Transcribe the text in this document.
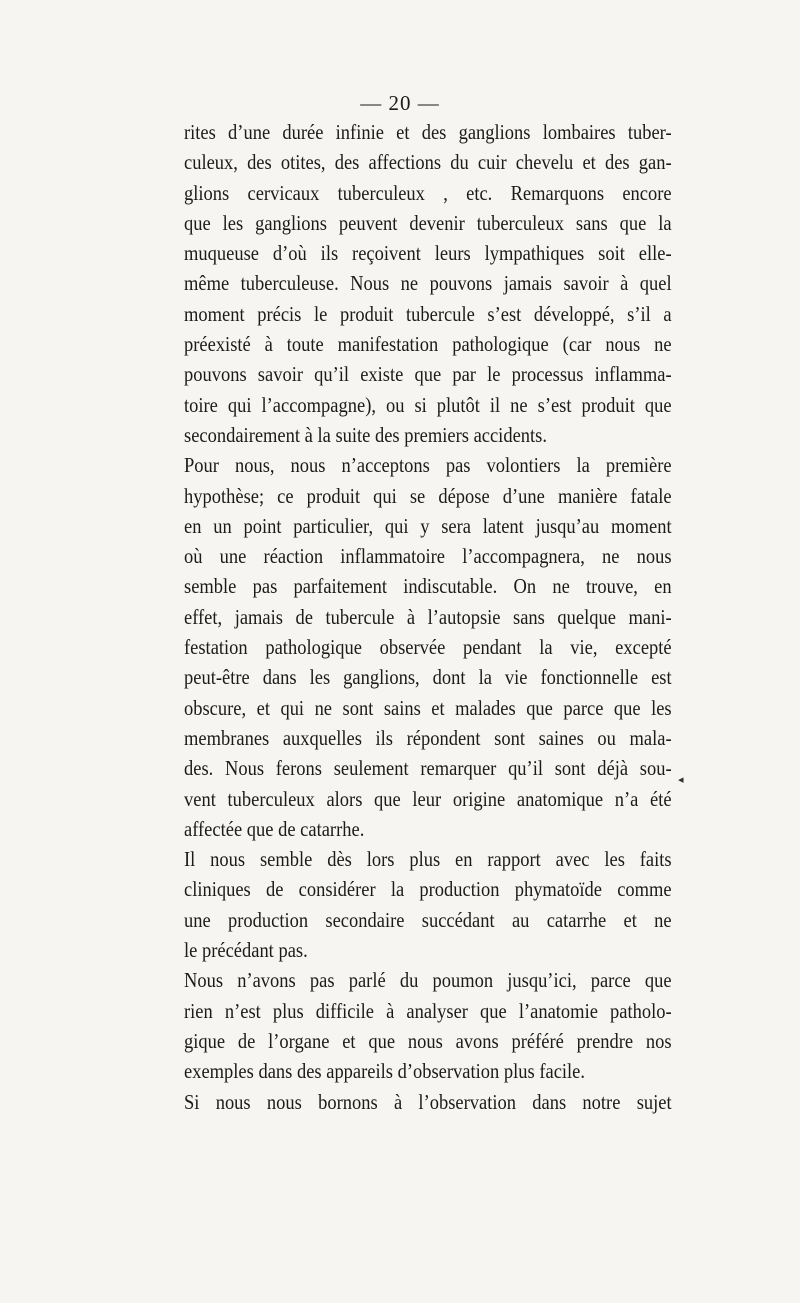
— 20 —
rites d’une durée infinie et des ganglions lombaires tuber-
culeux, des otites, des affections du cuir chevelu et des gan-
glions cervicaux tuberculeux , etc. Remarquons encore
que les ganglions peuvent devenir tuberculeux sans que la
muqueuse d’où ils reçoivent leurs lympathiques soit elle-
même tuberculeuse. Nous ne pouvons jamais savoir à quel
moment précis le produit tubercule s’est développé, s’il a
préexisté à toute manifestation pathologique (car nous ne
pouvons savoir qu’il existe que par le processus inflamma-
toire qui l’accompagne), ou si plutôt il ne s’est produit que
secondairement à la suite des premiers accidents.
Pour nous, nous n’acceptons pas volontiers la première
hypothèse; ce produit qui se dépose d’une manière fatale
en un point particulier, qui y sera latent jusqu’au moment
où une réaction inflammatoire l’accompagnera, ne nous
semble pas parfaitement indiscutable. On ne trouve, en
effet, jamais de tubercule à l’autopsie sans quelque mani-
festation pathologique observée pendant la vie, excepté
peut-être dans les ganglions, dont la vie fonctionnelle est
obscure, et qui ne sont sains et malades que parce que les
membranes auxquelles ils répondent sont saines ou mala-
des. Nous ferons seulement remarquer qu’il sont déjà sou-
vent tuberculeux alors que leur origine anatomique n’a été
affectée que de catarrhe.
Il nous semble dès lors plus en rapport avec les faits
cliniques de considérer la production phymatoïde comme
une production secondaire succédant au catarrhe et ne
le précédant pas.
Nous n’avons pas parlé du poumon jusqu’ici, parce que
rien n’est plus difficile à analyser que l’anatomie patholo-
gique de l’organe et que nous avons préféré prendre nos
exemples dans des appareils d’observation plus facile.
Si nous nous bornons à l’observation dans notre sujet
◂
